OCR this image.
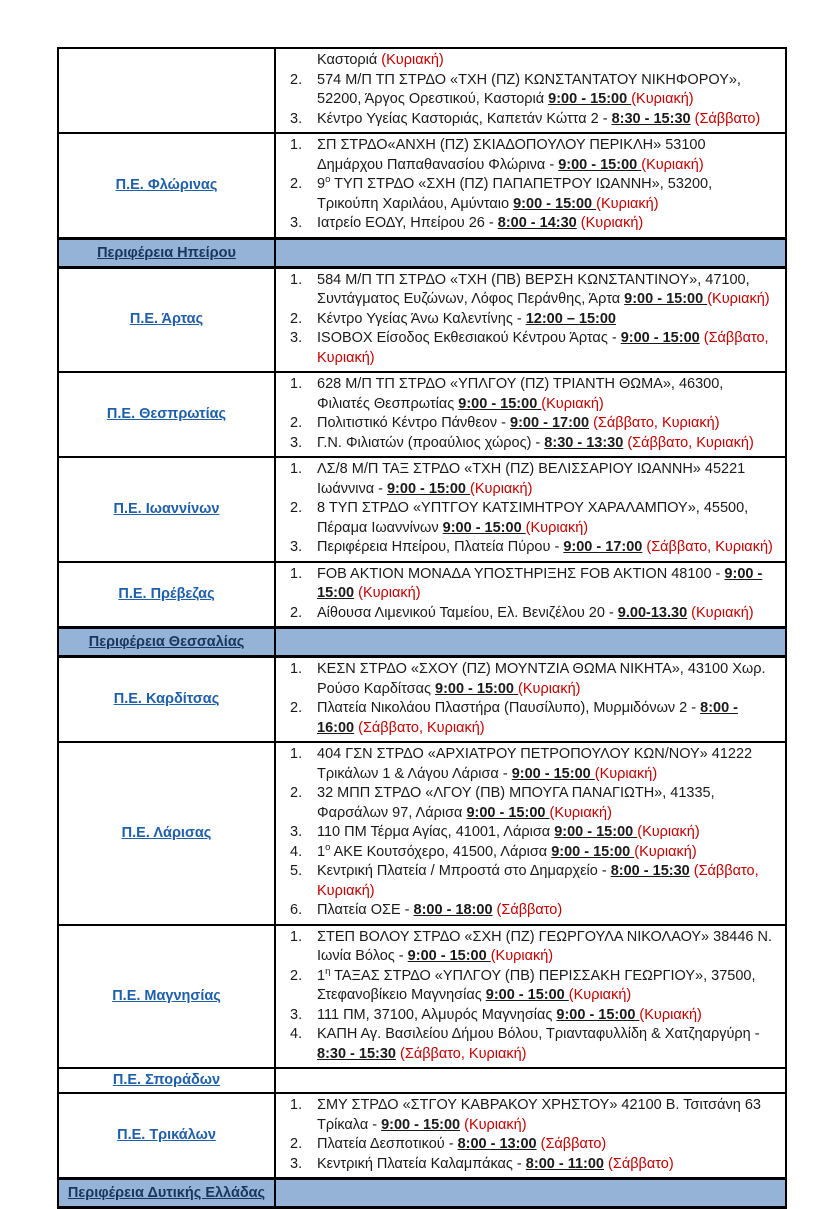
Καστοριά (Κυριακή)
2. 574 Μ/Π ΤΠ ΣΤΡΔΟ «ΤΧΗ (ΠΖ) ΚΩΝΣΤΑΝΤΑΤΟΥ ΝΙΚΗΦΟΡΟΥ», 52200, Άργος Ορεστικού, Καστοριά 9:00 - 15:00 (Κυριακή)
3. Κέντρο Υγείας Καστοριάς, Καπετάν Κώττα 2 - 8:30 - 15:30 (Σάββατο)

Π.Ε. Φλώρινας	
1.	ΣΠ ΣΤΡΔΟ«ΑΝΧΗ (ΠΖ) ΣΚΙΑΔΟΠΟΥΛΟΥ ΠΕΡΙΚΛΗ» 53100 Δημάρχου Παπαθανασίου Φλώρινα - 9:00 - 15:00 (Κυριακή)
2.	$9^o$ ΤΥΠ ΣΤΡΔΟ «ΣΧΗ (ΠΖ) ΠΑΠΑΠΕΤΡΟΥ ΙΩΑΝΝΗ», 53200, Τρικούπη Χαριλάου, Αμύνταιο 9:00 - 15:00 (Κυριακή)
3.	Ιατρείο ΕΟΔΥ, Ηπείρου 26 - 8:00 - 14:30 (Κυριακή)

Περιφέρεια Ηπείρου	
Π.Ε. Άρτας	
1.	584 Μ/Π ΤΠ ΣΤΡΔΟ «ΤΧΗ (ΠΒ) ΒΕΡΣΗ ΚΩΝΣΤΑΝΤΙΝΟΥ», 47100, Συντάγματος Ευζώνων, Λόφος Περάνθης, Άρτα 9:00 - 15:00 (Κυριακή)
2.	Κέντρο Υγείας Άνω Καλεντίνης - 12:00 – 15:00
3.	ISOBOX Είσοδος Εκθεσιακού Κέντρου Άρτας - 9:00 - 15:00 (Σάββατο, Κυριακή)

Π.Ε. Θεσπρωτίας	
1.	628 Μ/Π ΤΠ ΣΤΡΔΟ «ΥΠΛΓΟΥ (ΠΖ) ΤΡΙΑΝΤΗ ΘΩΜΑ», 46300, Φιλιατές Θεσπρωτίας 9:00 - 15:00 (Κυριακή)
2.	Πολιτιστικό Κέντρο Πάνθεον - 9:00 - 17:00 (Σάββατο, Κυριακή)
3.	Γ.Ν. Φιλιατών (προαύλιος χώρος) - 8:30 - 13:30 (Σάββατο, Κυριακή)

Π.Ε. Ιωαννίνων	
1.	ΛΣ/8 Μ/Π ΤΑΞ ΣΤΡΔΟ «ΤΧΗ (ΠΖ) ΒΕΛΙΣΣΑΡΙΟΥ ΙΩΑΝΝΗ» 45221 Ιωάννινα - 9:00 - 15:00 (Κυριακή)
2.	8 ΤΥΠ ΣΤΡΔΟ «ΥΠΤΓΟΥ ΚΑΤΣΙΜΗΤΡΟΥ ΧΑΡΑΛΑΜΠΟΥ», 45500, Πέραμα Ιωαννίνων 9:00 - 15:00 (Κυριακή)
3.	Περιφέρεια Ηπείρου, Πλατεία Πύρου - 9:00 - 17:00 (Σάββατο, Κυριακή)

Π.Ε. Πρέβεζας	1. FOB AKTION ΜΟΝΑΔΑ ΥΠΟΣΤΗΡΙΞΗΣ FOB AKTION 48100 - 9:00 - 15:00 (Κυριακή)
2. Αίθουσα Λιμενικού Ταμείου, Ελ. Βενιζέλου 20 - 9.00-13.30 (Κυριακή)

Περιφέρεια Θεσσαλίας	
Π.Ε. Καρδίτσας	1. ΚΕΣΝ ΣΤΡΔΟ «ΣΧΟΥ (ΠΖ) ΜΟΥΝΤΖΙΑ ΘΩΜΑ ΝΙΚΗΤΑ», 43100 Χωρ. Ρούσο Καρδίτσας 9:00 - 15:00 (Κυριακή)
2. Πλατεία Νικολάου Πλαστήρα (Παυσίλυπο), Μυρμιδόνων 2 - 8:00 - 16:00 (Σάββατο, Κυριακή)

Π.Ε. Λάρισας	
1.	404 ΓΣΝ ΣΤΡΔΟ «ΑΡΧΙΑΤΡΟΥ ΠΕΤΡΟΠΟΥΛΟΥ ΚΩΝ/ΝΟΥ» 41222 Τρικάλων 1 & Λάγου Λάρισα - 9:00 - 15:00 (Κυριακή)
2.	32 ΜΠΠ ΣΤΡΔΟ «ΛΓΟΥ (ΠΒ) ΜΠΟΥΓΑ ΠΑΝΑΓΙΩΤΗ», 41335, Φαρσάλων 97, Λάρισα 9:00 - 15:00 (Κυριακή)
3.	110 ΠΜ Τέρμα Αγίας, 41001, Λάρισα 9:00 - 15:00 (Κυριακή)
4.	$1^o$ ΑΚΕ Κουτσόχερο, 41500, Λάρισα 9:00 - 15:00 (Κυριακή)
5.	Κεντρική Πλατεία / Μπροστά στο Δημαρχείο - 8:00 - 15:30 (Σάββατο, Κυριακή)
6.	Πλατεία ΟΣΕ - 8:00 - 18:00 (Σάββατο)

Π.Ε. Μαγνησίας	
1.	ΣΤΕΠ ΒΟΛΟΥ ΣΤΡΔΟ «ΣΧΗ (ΠΖ) ΓΕΩΡΓΟΥΛΑ ΝΙΚΟΛΑΟΥ» 38446 Ν. Ιωνία Βόλος - 9:00 - 15:00 (Κυριακή)
2.	$1^\eta$ ΤΑΞΑΣ ΣΤΡΔΟ «ΥΠΛΓΟΥ (ΠΒ) ΠΕΡΙΣΣΑΚΗ ΓΕΩΡΓΙΟΥ», 37500, Στεφανοβίκειο Μαγνησίας 9:00 - 15:00 (Κυριακή)
3.	111 ΠΜ, 37100, Αλμυρός Μαγνησίας 9:00 - 15:00 (Κυριακή)
4.	ΚΑΠΗ Αγ. Βασιλείου Δήμου Βόλου, Τριανταφυλλίδη & Χατζηαργύρη - 8:30 - 15:30 (Σάββατο, Κυριακή)

Π.Ε. Σποράδων	
Π.Ε. Τρικάλων	
1.	ΣΜΥ ΣΤΡΔΟ «ΣΤΓΟΥ ΚΑΒΡΑΚΟΥ ΧΡΗΣΤΟΥ» 42100 Β. Τσιτσάνη 63 Τρίκαλα - 9:00 - 15:00 (Κυριακή)
2.	Πλατεία Δεσποτικού - 8:00 - 13:00 (Σάββατο)
3.	Κεντρική Πλατεία Καλαμπάκας - 8:00 - 11:00 (Σάββατο)

Περιφέρεια Δυτικής Ελλάδας	
